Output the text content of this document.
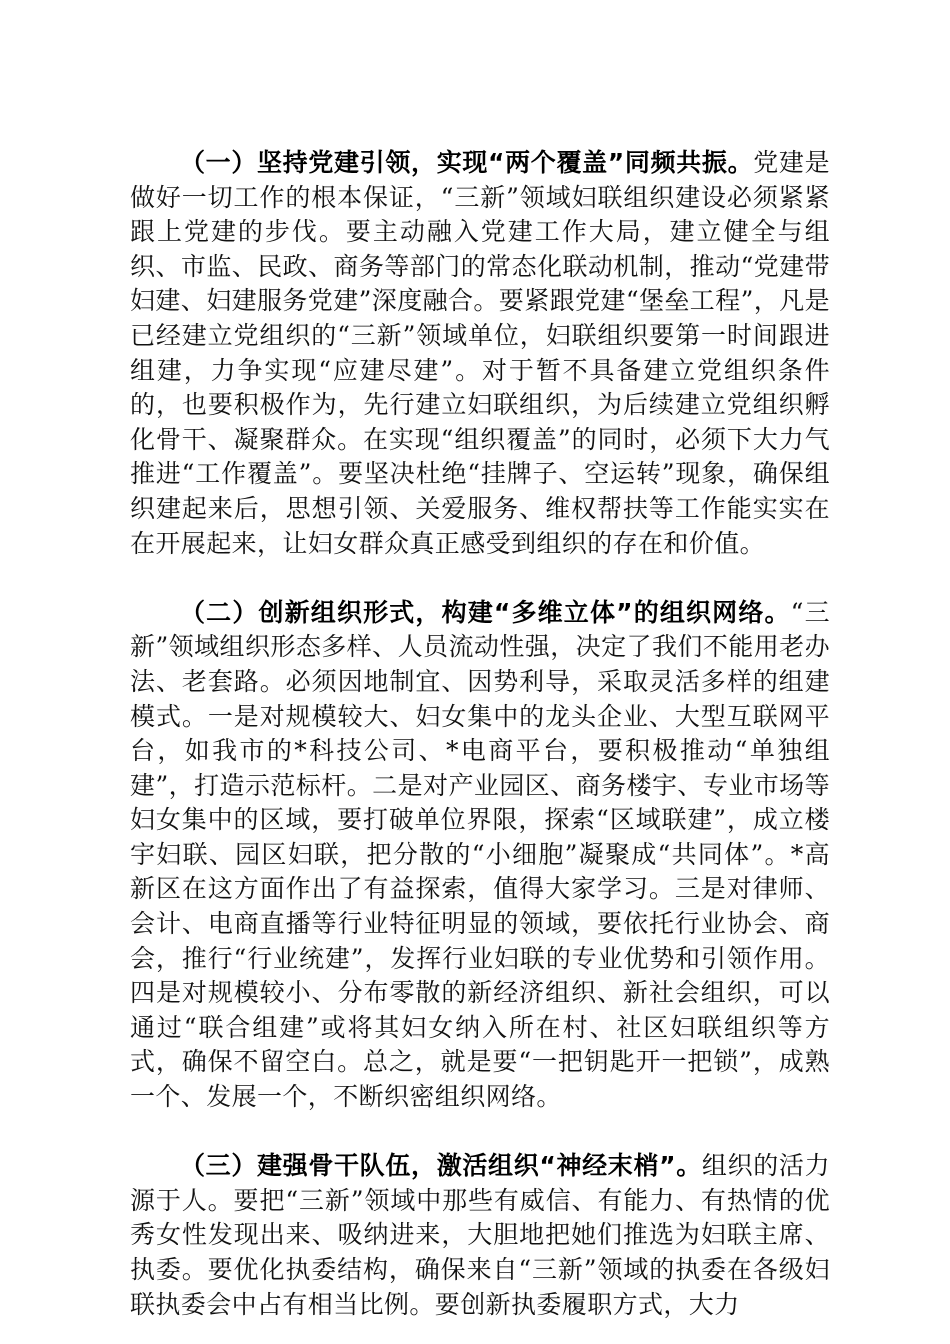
（一）坚持党建引领，实现“两个覆盖”同频共振。党建是做好一切工作的根本保证，“三新”领域妇联组织建设必须紧紧跟上党建的步伐。要主动融入党建工作大局，建立健全与组织、市监、民政、商务等部门的常态化联动机制，推动“党建带妇建、妇建服务党建”深度融合。要紧跟党建“堡垒工程”，凡是已经建立党组织的“三新”领域单位，妇联组织要第一时间跟进组建，力争实现“应建尽建”。对于暂不具备建立党组织条件的，也要积极作为，先行建立妇联组织，为后续建立党组织孵化骨干、凝聚群众。在实现“组织覆盖”的同时，必须下大力气推进“工作覆盖”。要坚决杜绝“挂牌子、空运转”现象，确保组织建起来后，思想引领、关爱服务、维权帮扶等工作能实实在在开展起来，让妇女群众真正感受到组织的存在和价值。

（二）创新组织形式，构建“多维立体”的组织网络。“三新”领域组织形态多样、人员流动性强，决定了我们不能用老办法、老套路。必须因地制宜、因势利导，采取灵活多样的组建模式。一是对规模较大、妇女集中的龙头企业、大型互联网平台，如我市的*科技公司、*电商平台，要积极推动“单独组建”，打造示范标杆。二是对产业园区、商务楼宇、专业市场等妇女集中的区域，要打破单位界限，探索“区域联建”，成立楼宇妇联、园区妇联，把分散的“小细胞”凝聚成“共同体”。*高新区在这方面作出了有益探索，值得大家学习。三是对律师、会计、电商直播等行业特征明显的领域，要依托行业协会、商会，推行“行业统建”，发挥行业妇联的专业优势和引领作用。四是对规模较小、分布零散的新经济组织、新社会组织，可以通过“联合组建”或将其妇女纳入所在村、社区妇联组织等方式，确保不留空白。总之，就是要“一把钥匙开一把锁”，成熟一个、发展一个，不断织密组织网络。

（三）建强骨干队伍，激活组织“神经末梢”。组织的活力源于人。要把“三新”领域中那些有威信、有能力、有热情的优秀女性发现出来、吸纳进来，大胆地把她们推选为妇联主席、执委。要优化执委结构，确保来自“三新”领域的执委在各级妇联执委会中占有相当比例。要创新执委履职方式，大力
